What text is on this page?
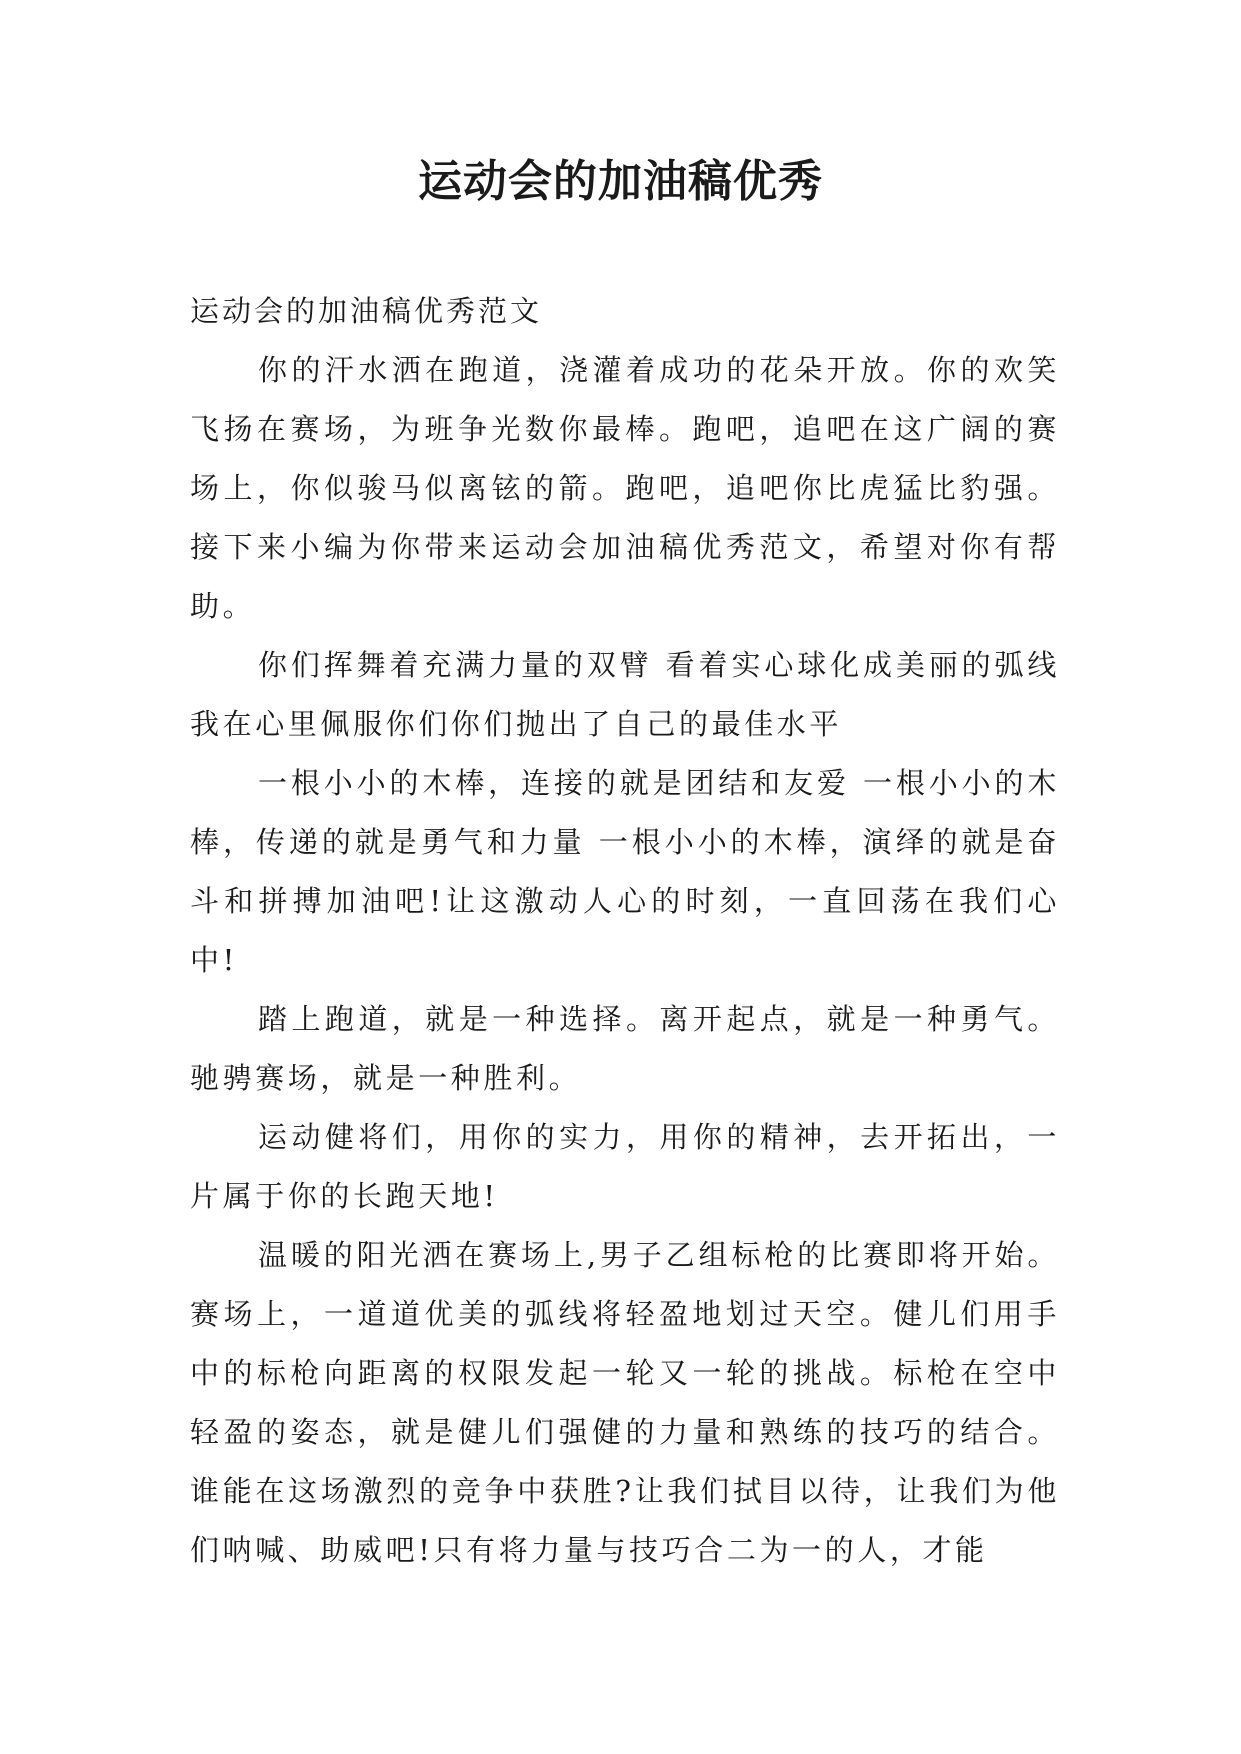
运动会的加油稿优秀

运动会的加油稿优秀范文

你的汗水洒在跑道，浇灌着成功的花朵开放。你的欢笑飞扬在赛场，为班争光数你最棒。跑吧，追吧在这广阔的赛场上，你似骏马似离铉的箭。跑吧，追吧你比虎猛比豹强。接下来小编为你带来运动会加油稿优秀范文，希望对你有帮助。

你们挥舞着充满力量的双臂 看着实心球化成美丽的弧线 我在心里佩服你们你们抛出了自己的最佳水平

一根小小的木棒，连接的就是团结和友爱 一根小小的木棒，传递的就是勇气和力量 一根小小的木棒，演绎的就是奋斗和拼搏加油吧!让这激动人心的时刻，一直回荡在我们心中!

踏上跑道，就是一种选择。离开起点，就是一种勇气。驰骋赛场，就是一种胜利。

运动健将们，用你的实力，用你的精神，去开拓出，一片属于你的长跑天地!

温暖的阳光洒在赛场上,男子乙组标枪的比赛即将开始。赛场上，一道道优美的弧线将轻盈地划过天空。健儿们用手中的标枪向距离的权限发起一轮又一轮的挑战。标枪在空中轻盈的姿态，就是健儿们强健的力量和熟练的技巧的结合。谁能在这场激烈的竞争中获胜?让我们拭目以待，让我们为他们呐喊、助威吧!只有将力量与技巧合二为一的人，才能
